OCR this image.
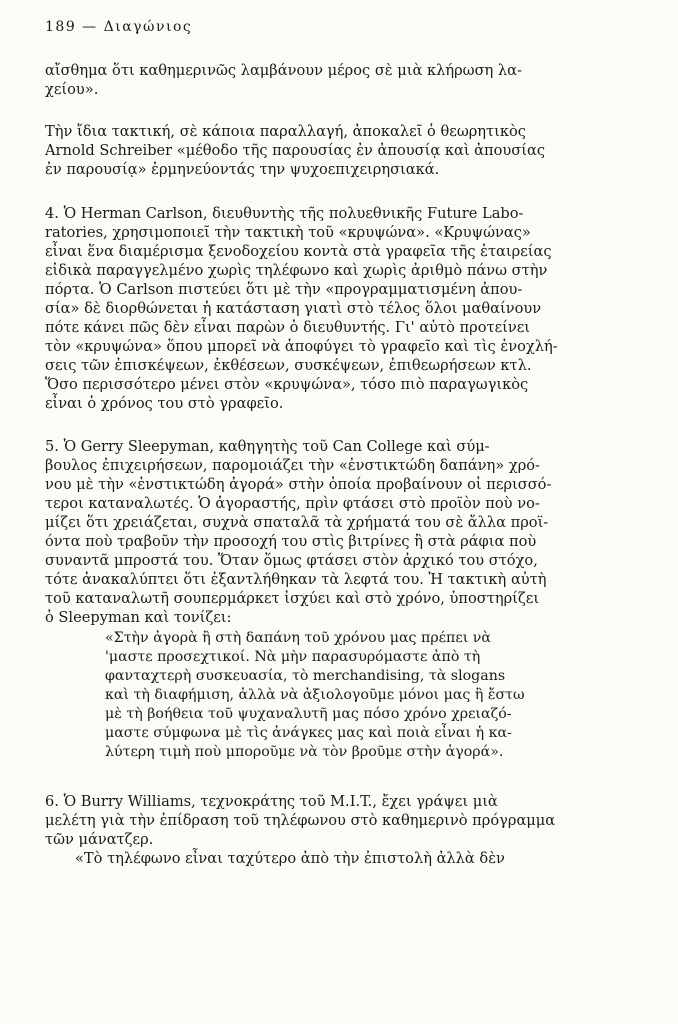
189 — Διαγώνιος
αἴσθημα ὅτι καθημερινῶς λαμβάνουν μέρος σὲ μιὰ κλήρωση λα-
χείου».
Τὴν ἴδια τακτική, σὲ κάποια παραλλαγή, ἀποκαλεῖ ὁ θεωρητικὸς
Arnold Schreiber «μέθοδο τῆς παρουσίας ἐν ἀπουσίᾳ καὶ ἀπουσίας
ἐν παρουσίᾳ» ἑρμηνεύοντάς την ψυχοεπιχειρησιακά.
4. Ὁ Herman Carlson, διευθυντὴς τῆς πολυεθνικῆς Future Labo-
ratories, χρησιμοποιεῖ τὴν τακτικὴ τοῦ «κρυψώνα». «Κρυψώνας»
εἶναι ἕνα διαμέρισμα ξενοδοχείου κοντὰ στὰ γραφεῖα τῆς ἑταιρείας
εἰδικὰ παραγγελμένο χωρὶς τηλέφωνο καὶ χωρὶς ἀριθμὸ πάνω στὴν
πόρτα. Ὁ Carlson πιστεύει ὅτι μὲ τὴν «προγραμματισμένη ἀπου-
σία» δὲ διορθώνεται ἡ κατάσταση γιατὶ στὸ τέλος ὅλοι μαθαίνουν
πότε κάνει πῶς δὲν εἶναι παρὼν ὁ διευθυντής. Γι' αὐτὸ προτείνει
τὸν «κρυψώνα» ὅπου μπορεῖ νὰ ἀποφύγει τὸ γραφεῖο καὶ τὶς ἐνοχλή-
σεις τῶν ἐπισκέψεων, ἐκθέσεων, συσκέψεων, ἐπιθεωρήσεων κτλ.
Ὅσο περισσότερο μένει στὸν «κρυψώνα», τόσο πιὸ παραγωγικὸς
εἶναι ὁ χρόνος του στὸ γραφεῖο.
5. Ὁ Gerry Sleepyman, καθηγητὴς τοῦ Can College καὶ σύμ-
βουλος ἐπιχειρήσεων, παρομοιάζει τὴν «ἐνστικτώδη δαπάνη» χρό-
νου μὲ τὴν «ἐνστικτώδη ἀγορά» στὴν ὁποία προβαίνουν οἱ περισσό-
τεροι καταναλωτές. Ὁ ἀγοραστής, πρὶν φτάσει στὸ προϊὸν ποὺ νο-
μίζει ὅτι χρειάζεται, συχνὰ σπαταλᾶ τὰ χρήματά του σὲ ἄλλα προϊ-
όντα ποὺ τραβοῦν τὴν προσοχή του στὶς βιτρίνες ἢ στὰ ράφια ποὺ
συναντᾶ μπροστά του. Ὅταν ὅμως φτάσει στὸν ἀρχικό του στόχο,
τότε ἀνακαλύπτει ὅτι ἐξαντλήθηκαν τὰ λεφτά του. Ἡ τακτικὴ αὐτὴ
τοῦ καταναλωτῆ σουπερμάρκετ ἰσχύει καὶ στὸ χρόνο, ὑποστηρίζει
ὁ Sleepyman καὶ τονίζει:
«Στὴν ἀγορὰ ἢ στὴ δαπάνη τοῦ χρόνου μας πρέπει νὰ
'μαστε προσεχτικοί. Νὰ μὴν παρασυρόμαστε ἀπὸ τὴ
φανταχτερὴ συσκευασία, τὸ merchandising, τὰ slogans
καὶ τὴ διαφήμιση, ἀλλὰ νὰ ἀξιολογοῦμε μόνοι μας ἢ ἔστω
μὲ τὴ βοήθεια τοῦ ψυχαναλυτῆ μας πόσο χρόνο χρειαζό-
μαστε σύμφωνα μὲ τὶς ἀνάγκες μας καὶ ποιὰ εἶναι ἡ κα-
λύτερη τιμὴ ποὺ μποροῦμε νὰ τὸν βροῦμε στὴν ἀγορά».
6. Ὁ Burry Williams, τεχνοκράτης τοῦ M.I.T., ἔχει γράψει μιὰ
μελέτη γιὰ τὴν ἐπίδραση τοῦ τηλέφωνου στὸ καθημερινὸ πρόγραμμα
τῶν μάνατζερ.
«Τὸ τηλέφωνο εἶναι ταχύτερο ἀπὸ τὴν ἐπιστολὴ ἀλλὰ δὲν
